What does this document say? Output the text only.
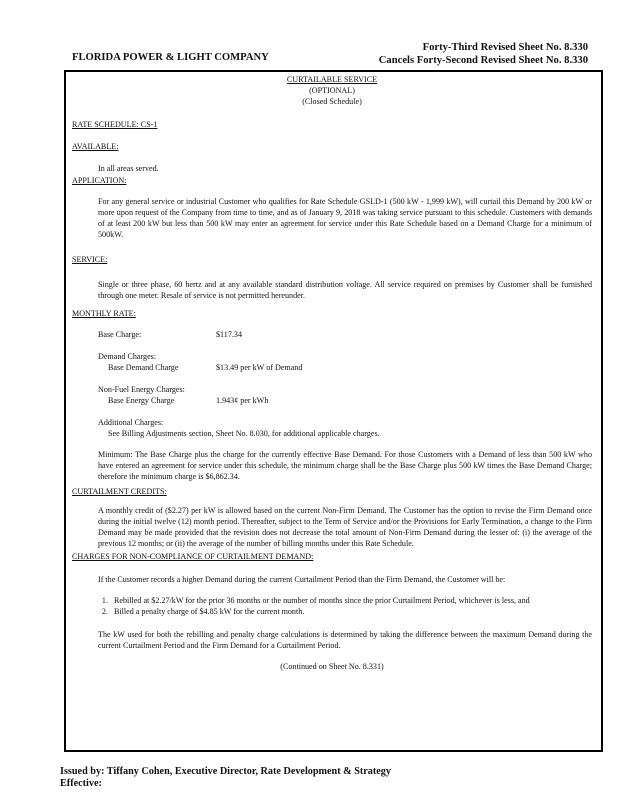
Forty-Third Revised Sheet No. 8.330
Cancels Forty-Second Revised Sheet No. 8.330
FLORIDA POWER & LIGHT COMPANY
CURTAILABLE SERVICE
(OPTIONAL)
(Closed Schedule)
RATE SCHEDULE: CS-1
AVAILABLE:
In all areas served.
APPLICATION:
For any general service or industrial Customer who qualifies for Rate Schedule GSLD-1 (500 kW - 1,999 kW), will curtail this Demand by 200 kW or more upon request of the Company from time to time, and as of January 9, 2018 was taking service pursuant to this schedule. Customers with demands of at least 200 kW but less than 500 kW may enter an agreement for service under this Rate Schedule based on a Demand Charge for a minimum of 500kW.
SERVICE:
Single or three phase, 60 hertz and at any available standard distribution voltage. All service required on premises by Customer shall be furnished through one meter. Resale of service is not permitted hereunder.
MONTHLY RATE:
Base Charge:	$117.34
Demand Charges:
Base Demand Charge	$13.49 per kW of Demand
Non-Fuel Energy Charges:
Base Energy Charge	1.943¢ per kWh
Additional Charges:
See Billing Adjustments section, Sheet No. 8.030, for additional applicable charges.
Minimum: The Base Charge plus the charge for the currently effective Base Demand. For those Customers with a Demand of less than 500 kW who have entered an agreement for service under this schedule, the minimum charge shall be the Base Charge plus 500 kW times the Base Demand Charge; therefore the minimum charge is $6,862.34.
CURTAILMENT CREDITS:
A monthly credit of ($2.27) per kW is allowed based on the current Non-Firm Demand. The Customer has the option to revise the Firm Demand once during the initial twelve (12) month period. Thereafter, subject to the Term of Service and/or the Provisions for Early Termination, a change to the Firm Demand may be made provided that the revision does not decrease the total amount of Non-Firm Demand during the lesser of: (i) the average of the previous 12 months; or (ii) the average of the number of billing months under this Rate Schedule.
CHARGES FOR NON-COMPLIANCE OF CURTAILMENT DEMAND:
If the Customer records a higher Demand during the current Curtailment Period than the Firm Demand, the Customer will be:
1. Rebilled at $2.27/kW for the prior 36 months or the number of months since the prior Curtailment Period, whichever is less, and
2. Billed a penalty charge of $4.85 kW for the current month.
The kW used for both the rebilling and penalty charge calculations is determined by taking the difference between the maximum Demand during the current Curtailment Period and the Firm Demand for a Curtailment Period.
(Continued on Sheet No. 8.331)
Issued by: Tiffany Cohen, Executive Director, Rate Development & Strategy
Effective:
